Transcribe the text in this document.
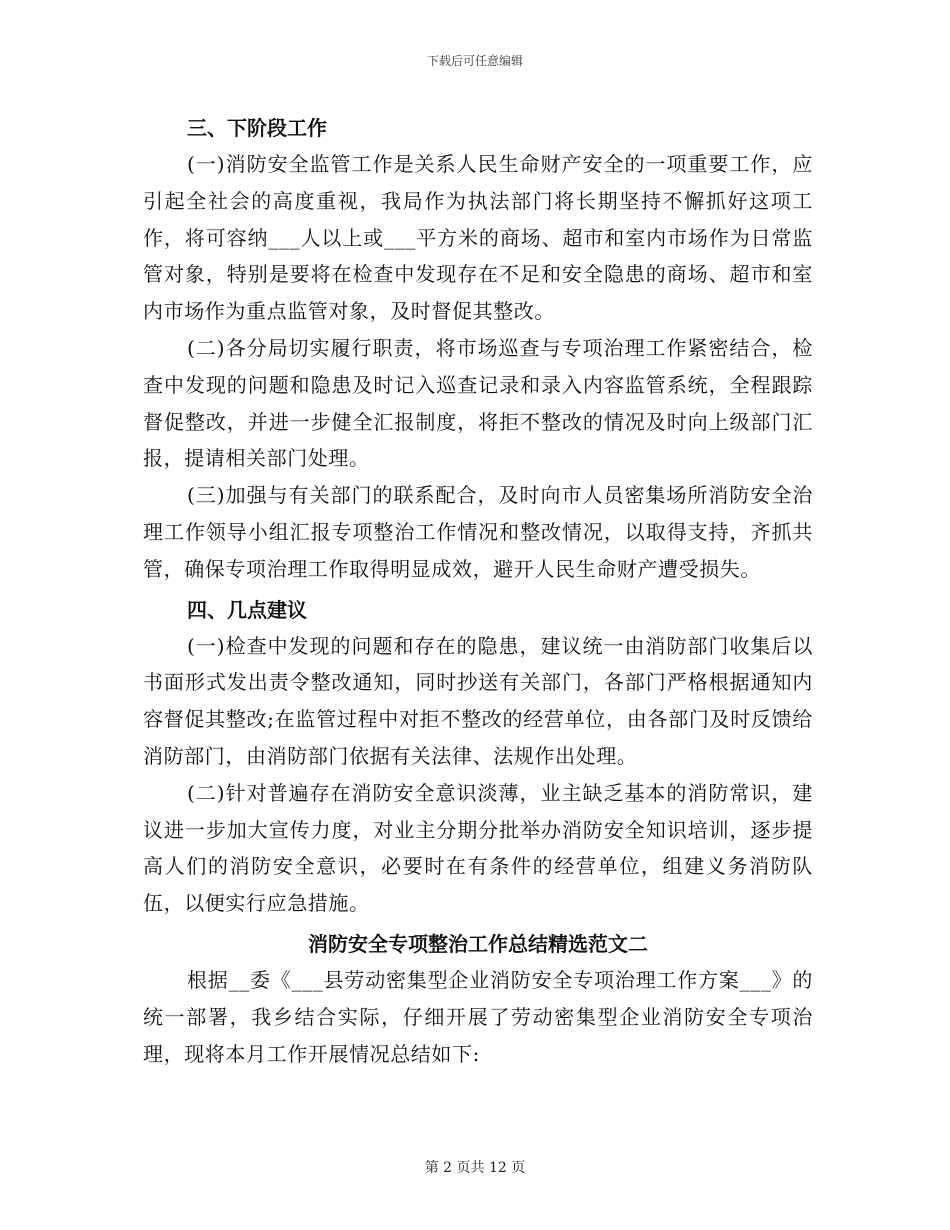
下载后可任意编辑
三、下阶段工作

(一)消防安全监管工作是关系人民生命财产安全的一项重要工作，应引起全社会的高度重视，我局作为执法部门将长期坚持不懈抓好这项工作，将可容纳___人以上或___平方米的商场、超市和室内市场作为日常监管对象，特别是要将在检查中发现存在不足和安全隐患的商场、超市和室内市场作为重点监管对象，及时督促其整改。

(二)各分局切实履行职责，将市场巡查与专项治理工作紧密结合，检查中发现的问题和隐患及时记入巡查记录和录入内容监管系统，全程跟踪督促整改，并进一步健全汇报制度，将拒不整改的情况及时向上级部门汇报，提请相关部门处理。

(三)加强与有关部门的联系配合，及时向市人员密集场所消防安全治理工作领导小组汇报专项整治工作情况和整改情况，以取得支持，齐抓共管，确保专项治理工作取得明显成效，避开人民生命财产遭受损失。

四、几点建议

(一)检查中发现的问题和存在的隐患，建议统一由消防部门收集后以书面形式发出责令整改通知，同时抄送有关部门，各部门严格根据通知内容督促其整改;在监管过程中对拒不整改的经营单位，由各部门及时反馈给消防部门，由消防部门依据有关法律、法规作出处理。

(二)针对普遍存在消防安全意识淡薄，业主缺乏基本的消防常识，建议进一步加大宣传力度，对业主分期分批举办消防安全知识培训，逐步提高人们的消防安全意识，必要时在有条件的经营单位，组建义务消防队伍，以便实行应急措施。

消防安全专项整治工作总结精选范文二

根据__委《___县劳动密集型企业消防安全专项治理工作方案___》的统一部署，我乡结合实际，仔细开展了劳动密集型企业消防安全专项治理，现将本月工作开展情况总结如下:

第 2 页共 12 页
